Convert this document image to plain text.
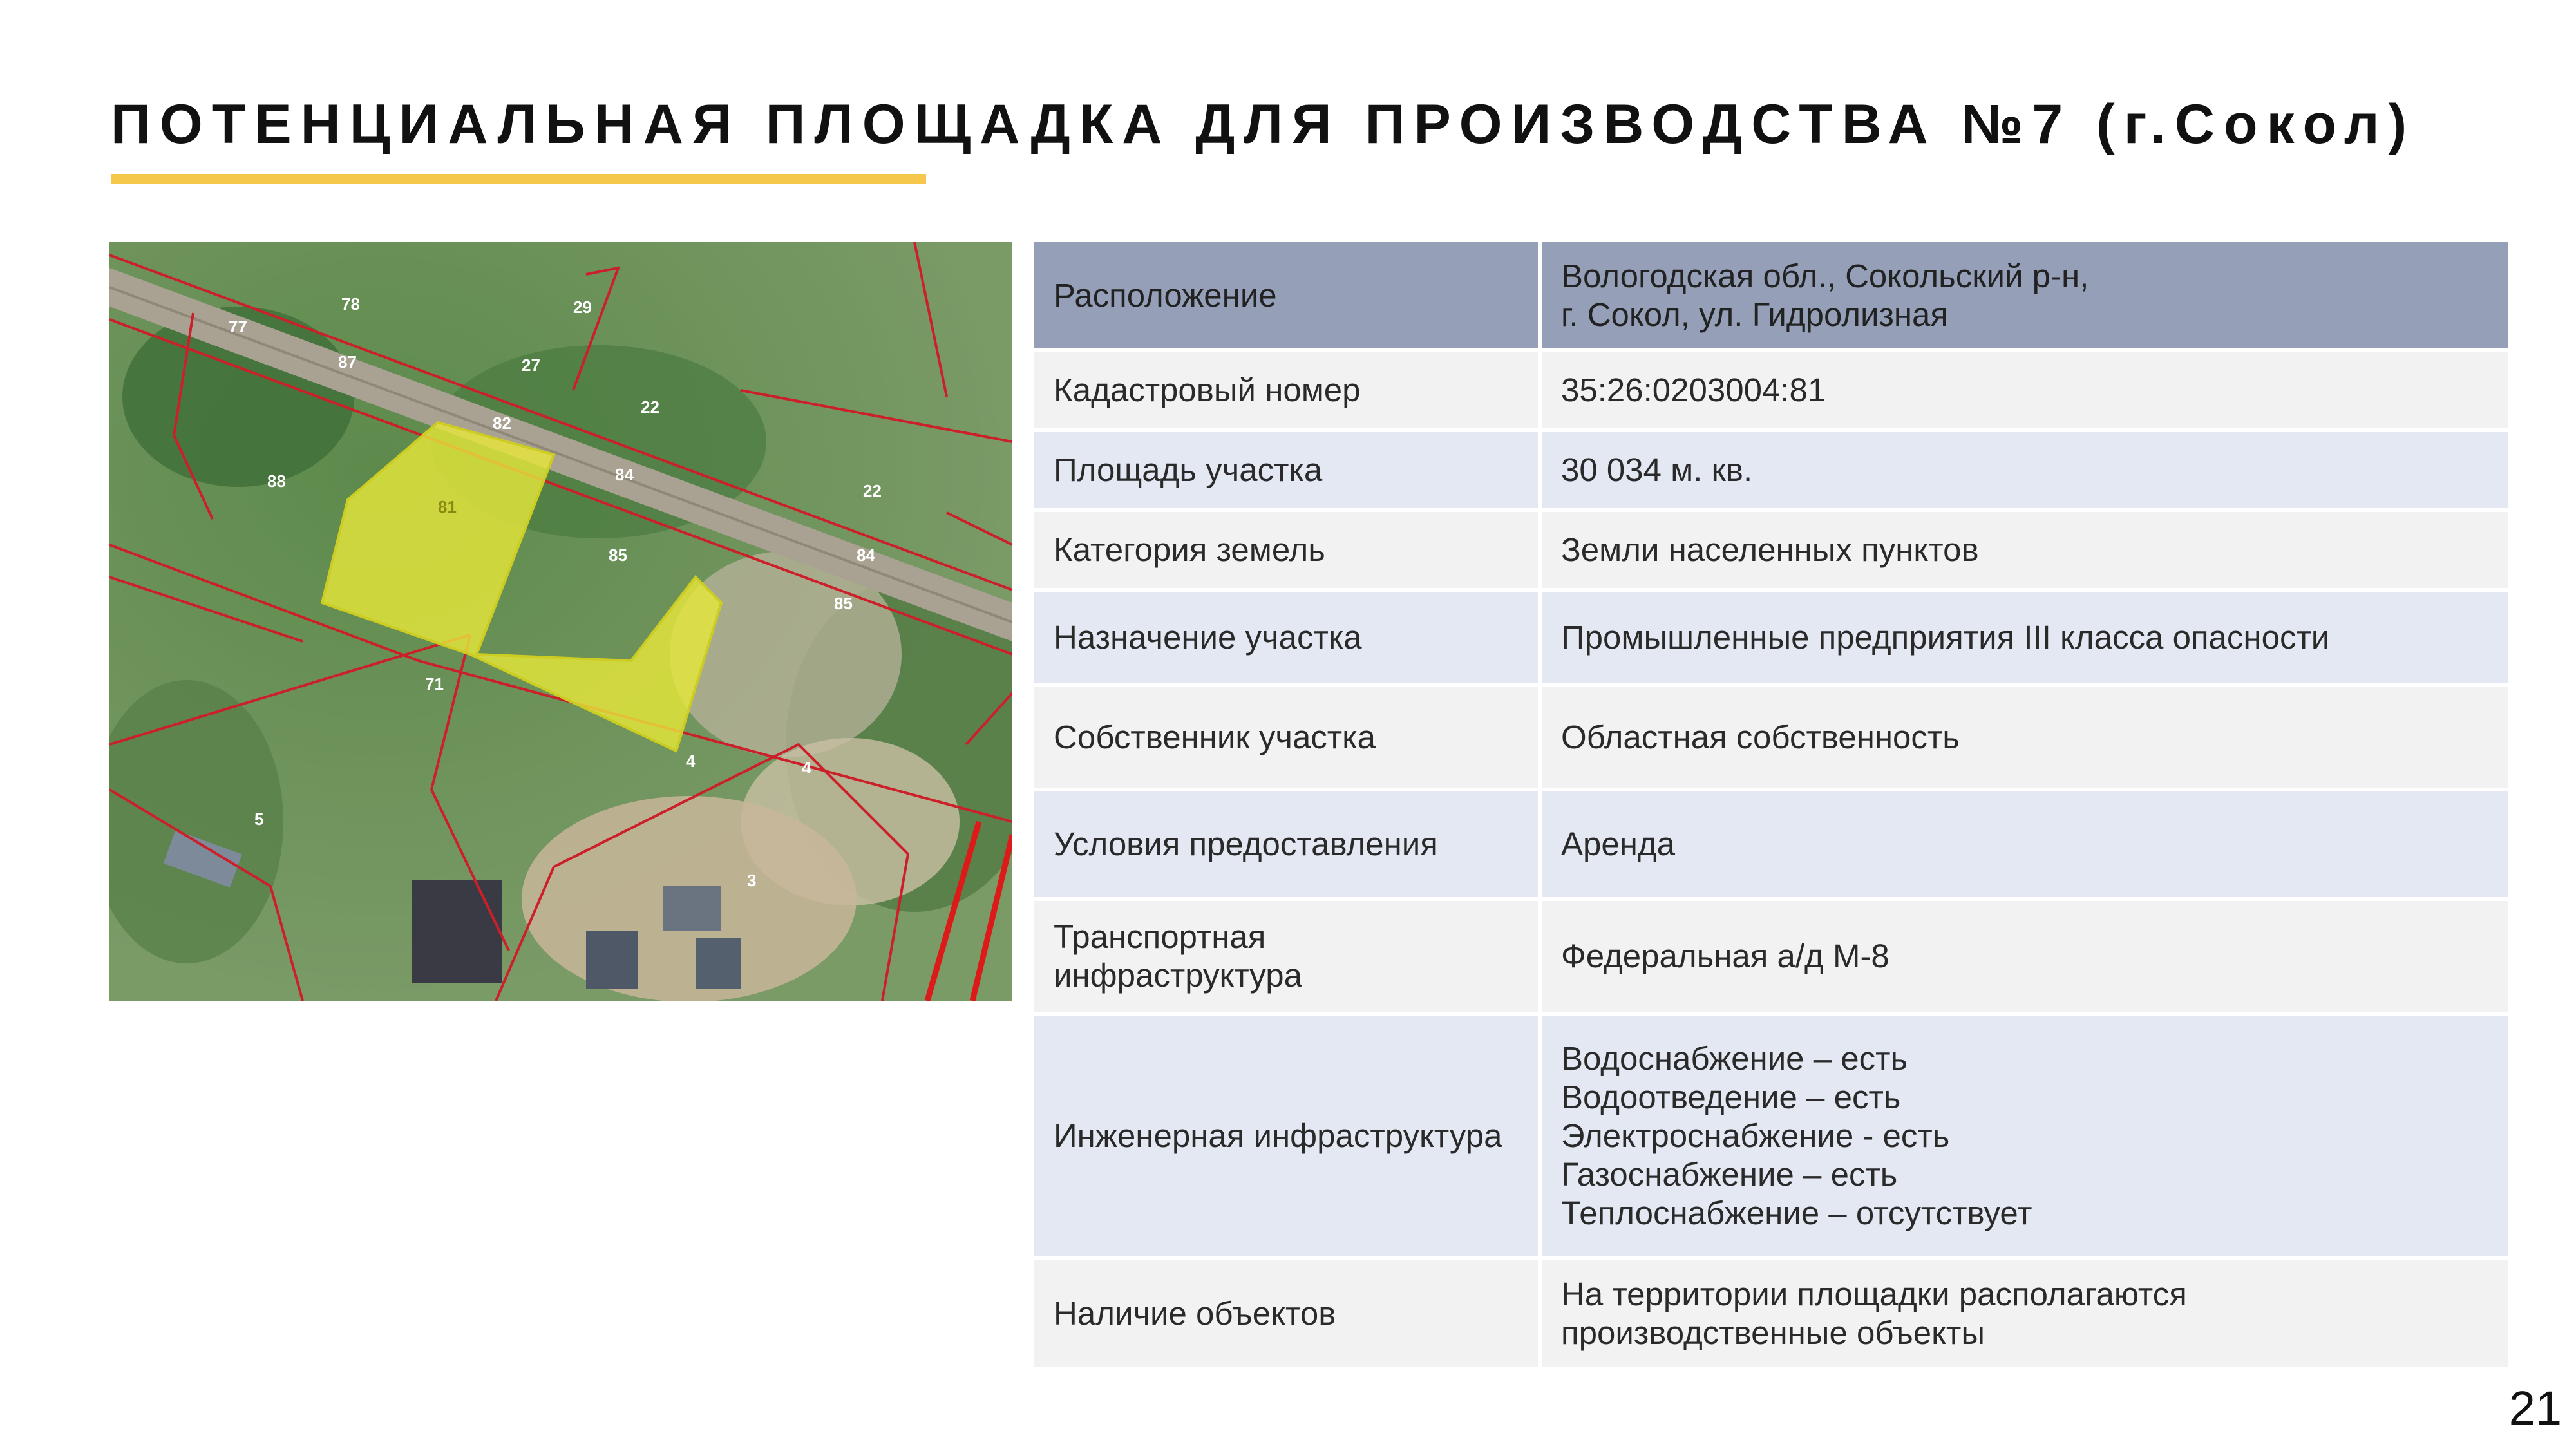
ПОТЕНЦИАЛЬНАЯ ПЛОЩАДКА ДЛЯ ПРОИЗВОДСТВА №7 (г.Сокол)
78
77
87
29
27
82
22
88
81
84
22
85	84
85
71
4	4
5
3
Расположение	Вологодская обл., Сокольский р-н,
г. Сокол, ул. Гидролизная

Кадастровый номер	35:26:0203004:81
Площадь участка	30 034 м. кв.
Категория земель	Земли населенных пунктов
Назначение участка	Промышленные предприятия III класса опасности
Собственник участка	Областная собственность
Условия предоставления	Аренда
Транспортная инфраструктура	Федеральная а/д М-8
Инженерная инфраструктура	Водоснабжение – есть
Водоотведение – есть
Электроснабжение - есть
Газоснабжение – есть
Теплоснабжение – отсутствует

Наличие объектов	На территории площадки располагаются
производственные объекты
21
